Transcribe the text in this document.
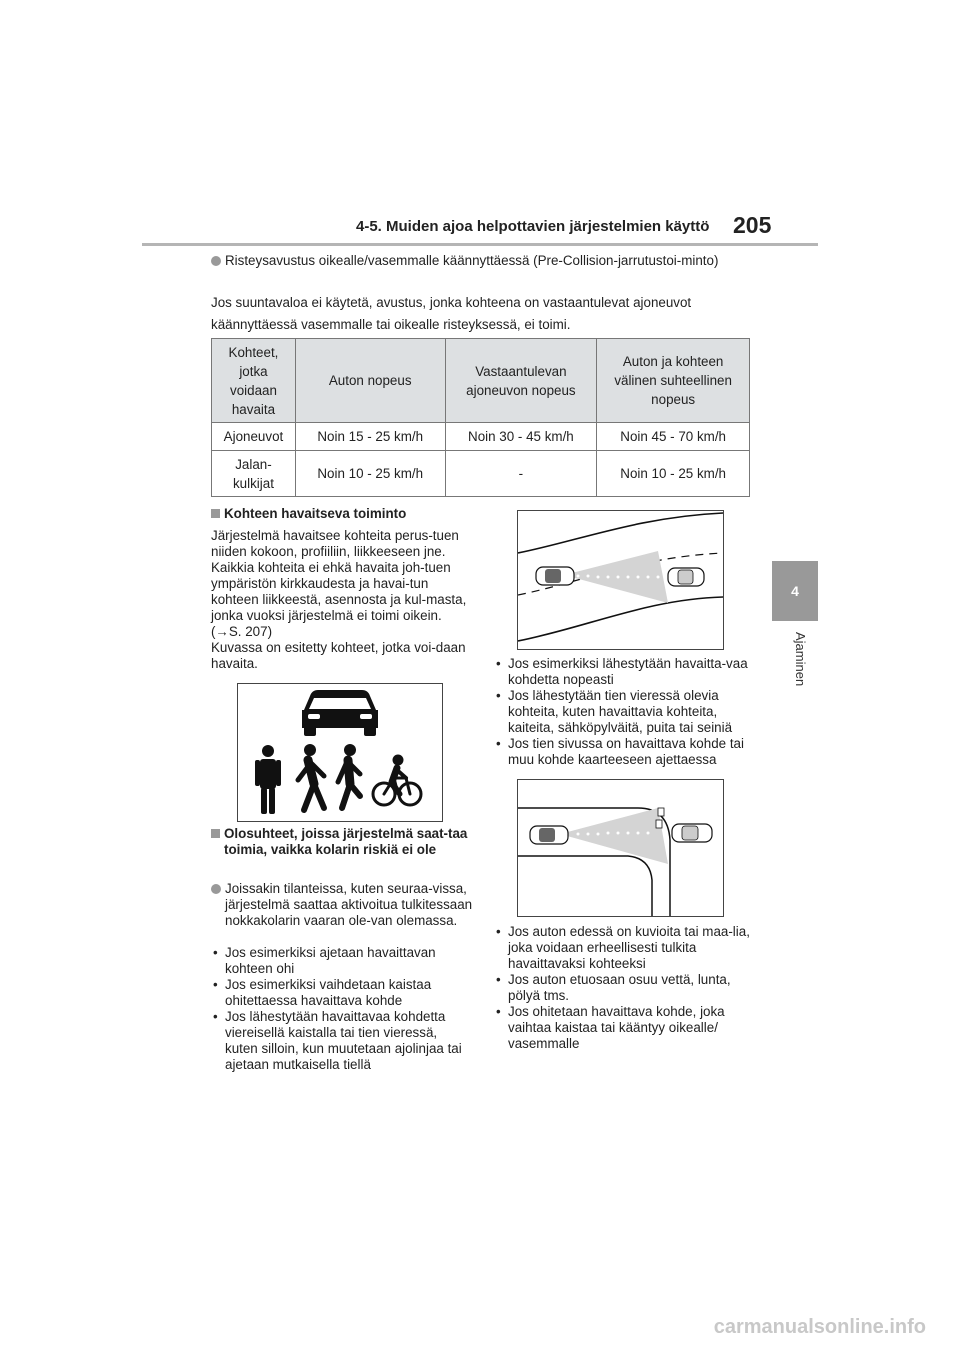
4-5. Muiden ajoa helpottavien järjestelmien käyttö 205
4
Ajaminen
Risteysavustus oikealle/vasemmalle käännyttäessä (Pre-Collision-jarrutustoi-minto)
Jos suuntavaloa ei käytetä, avustus, jonka kohteena on vastaantulevat ajoneuvot käännyttäessä vasemmalle tai oikealle risteyksessä, ei toimi.
Kohteet, jotka voidaan havaita	Auton nopeus	Vastaantulevan ajoneuvon nopeus	Auton ja kohteen välinen suhteellinen nopeus
Ajoneuvot	Noin 15 - 25 km/h	Noin 30 - 45 km/h	Noin 45 - 70 km/h
Jalan-kulkijat	Noin 10 - 25 km/h	-	Noin 10 - 25 km/h
Kohteen havaitseva toiminto
Järjestelmä havaitsee kohteita perus-tuen niiden kokoon, profiiliin, liikkeeseen jne. Kaikkia kohteita ei ehkä havaita joh-tuen ympäristön kirkkaudesta ja havai-tun kohteen liikkeestä, asennosta ja kul-masta, jonka vuoksi järjestelmä ei toimi oikein. (→S. 207)
Kuvassa on esitetty kohteet, jotka voi-daan havaita.
Olosuhteet, joissa järjestelmä saat-taa toimia, vaikka kolarin riskiä ei ole
Joissakin tilanteissa, kuten seuraa-vissa, järjestelmä saattaa aktivoitua tulkitessaan nokkakolarin vaaran ole-van olemassa.
• Jos esimerkiksi ajetaan havaittavan kohteen ohi
• Jos esimerkiksi vaihdetaan kaistaa ohitettaessa havaittava kohde
• Jos lähestytään havaittavaa kohdetta viereisellä kaistalla tai tien vieressä, kuten silloin, kun muutetaan ajolinjaa tai ajetaan mutkaisella tiellä
• Jos esimerkiksi lähestytään havaitta-vaa kohdetta nopeasti
• Jos lähestytään tien vieressä olevia kohteita, kuten havaittavia kohteita, kaiteita, sähköpylväitä, puita tai seiniä
• Jos tien sivussa on havaittava kohde tai muu kohde kaarteeseen ajettaessa
• Jos auton edessä on kuvioita tai maa-lia, joka voidaan erheellisesti tulkita havaittavaksi kohteeksi
• Jos auton etuosaan osuu vettä, lunta, pölyä tms.
• Jos ohitetaan havaittava kohde, joka vaihtaa kaistaa tai kääntyy oikealle/ vasemmalle
carmanualsonline.info
